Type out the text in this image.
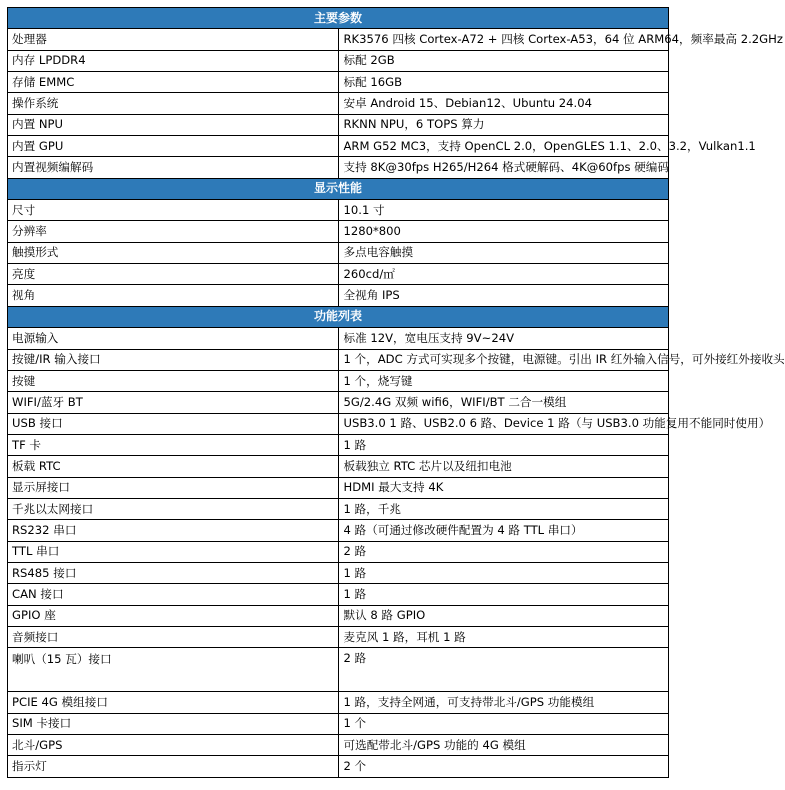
主要参数	
处理器	RK3576 四核 Cortex-A72 + 四核 Cortex-A53，64 位 ARM64，频率最高 2.2GHz
内存 LPDDR4	标配 2GB
存储 EMMC	标配 16GB
操作系统	安卓 Android 15、Debian12、Ubuntu 24.04
内置 NPU	RKNN NPU，6 TOPS 算力
内置 GPU	ARM G52 MC3，支持 OpenCL 2.0，OpenGLES 1.1、2.0、3.2，Vulkan1.1
内置视频编解码	支持 8K@30fps H265/H264 格式硬解码、4K@60fps 硬编码
显示性能	
尺寸	10.1 寸
分辨率	1280*800
触摸形式	多点电容触摸
亮度	260cd/㎡
视角	全视角 IPS
功能列表	
电源输入	标准 12V，宽电压支持 9V~24V
按键/IR 输入接口	1 个，ADC 方式可实现多个按键，电源键。引出 IR 红外输入信号，可外接红外接收头
按键	1 个，烧写键
WIFI/蓝牙 BT	5G/2.4G 双频 wifi6，WIFI/BT 二合一模组
USB 接口	USB3.0 1 路、USB2.0 6 路、Device 1 路（与 USB3.0 功能复用不能同时使用）
TF 卡	1 路
板载 RTC	板载独立 RTC 芯片以及纽扣电池
显示屏接口	HDMI 最大支持 4K
千兆以太网接口	1 路，千兆
RS232 串口	4 路（可通过修改硬件配置为 4 路 TTL 串口）
TTL 串口	2 路
RS485 接口	1 路
CAN 接口	1 路
GPIO 座	默认 8 路 GPIO
音频接口	麦克风 1 路，耳机 1 路
喇叭（15 瓦）接口	2 路
PCIE 4G 模组接口	1 路，支持全网通，可支持带北斗/GPS 功能模组
SIM 卡接口	1 个
北斗/GPS	可选配带北斗/GPS 功能的 4G 模组
指示灯	2 个
